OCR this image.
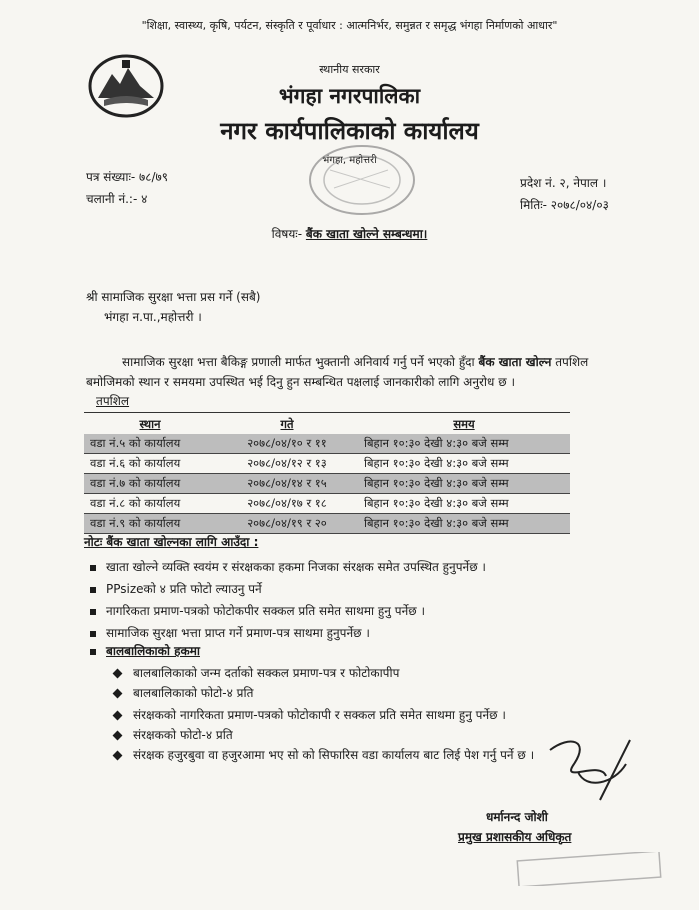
"शिक्षा, स्वास्थ्य, कृषि, पर्यटन, संस्कृति र पूर्वाधार : आत्मनिर्भर, समुन्नत र समृद्ध भंगहा निर्माणको आधार"
स्थानीय सरकार
भंगहा नगरपालिका
नगर कार्यपालिकाको कार्यालय
भंगहा, महोत्तरी
पत्र संख्याः- ७८/७९
चलानी नं.:- ४
प्रदेश नं. २, नेपाल ।
मितिः- २०७८/०४/०३
विषयः- बैंक खाता खोल्ने सम्बन्धमा।
श्री सामाजिक सुरक्षा भत्ता प्रस गर्ने (सबै)
भंगहा न.पा.,महोत्तरी ।
सामाजिक सुरक्षा भत्ता बैकिङ्ग प्रणाली मार्फत भुक्तानी अनिवार्य गर्नु पर्ने भएको हुँदा बैंक खाता खोल्न तपशिल बमोजिमको स्थान र समयमा उपस्थित भई दिनु हुन सम्बन्धित पक्षलाई जानकारीको लागि अनुरोध छ ।
तपशिल
स्थान	गते	समय
वडा नं.५ को कार्यालय	२०७८/०४/१० र ११	बिहान १०:३० देखी ४:३० बजे सम्म
वडा नं.६ को कार्यालय	२०७८/०४/१२ र १३	बिहान १०:३० देखी ४:३० बजे सम्म
वडा नं.७ को कार्यालय	२०७८/०४/१४ र १५	बिहान १०:३० देखी ४:३० बजे सम्म
वडा नं.८ को कार्यालय	२०७८/०४/१७ र १८	बिहान १०:३० देखी ४:३० बजे सम्म
वडा नं.९ को कार्यालय	२०७८/०४/१९ र २०	बिहान १०:३० देखी ४:३० बजे सम्म
नोटः बैंक खाता खोल्नका लागि आउँदा :
खाता खोल्ने व्यक्ति स्वयंम र संरक्षकका हकमा निजका संरक्षक समेत उपस्थित हुनुपर्नेछ ।
PPsizeको ४ प्रति फोटो ल्याउनु पर्ने
नागरिकता प्रमाण-पत्रको फोटोकपीर सक्कल प्रति समेत साथमा हुनु पर्नेछ ।
सामाजिक सुरक्षा भत्ता प्राप्त गर्ने प्रमाण-पत्र साथमा हुनुपर्नेछ ।
बालबालिकाको हकमा
बालबालिकाको जन्म दर्ताको सक्कल प्रमाण-पत्र र फोटोकापीप
बालबालिकाको फोटो-४ प्रति
संरक्षकको नागरिकता प्रमाण-पत्रको फोटोकापी र सक्कल प्रति समेत साथमा हुनु पर्नेछ ।
संरक्षकको फोटो-४ प्रति
संरक्षक हजुरबुवा वा हजुरआमा भए सो को सिफारिस वडा कार्यालय बाट लिई पेश गर्नु पर्ने छ ।
धर्मानन्द जोशी
प्रमुख प्रशासकीय अधिकृत
